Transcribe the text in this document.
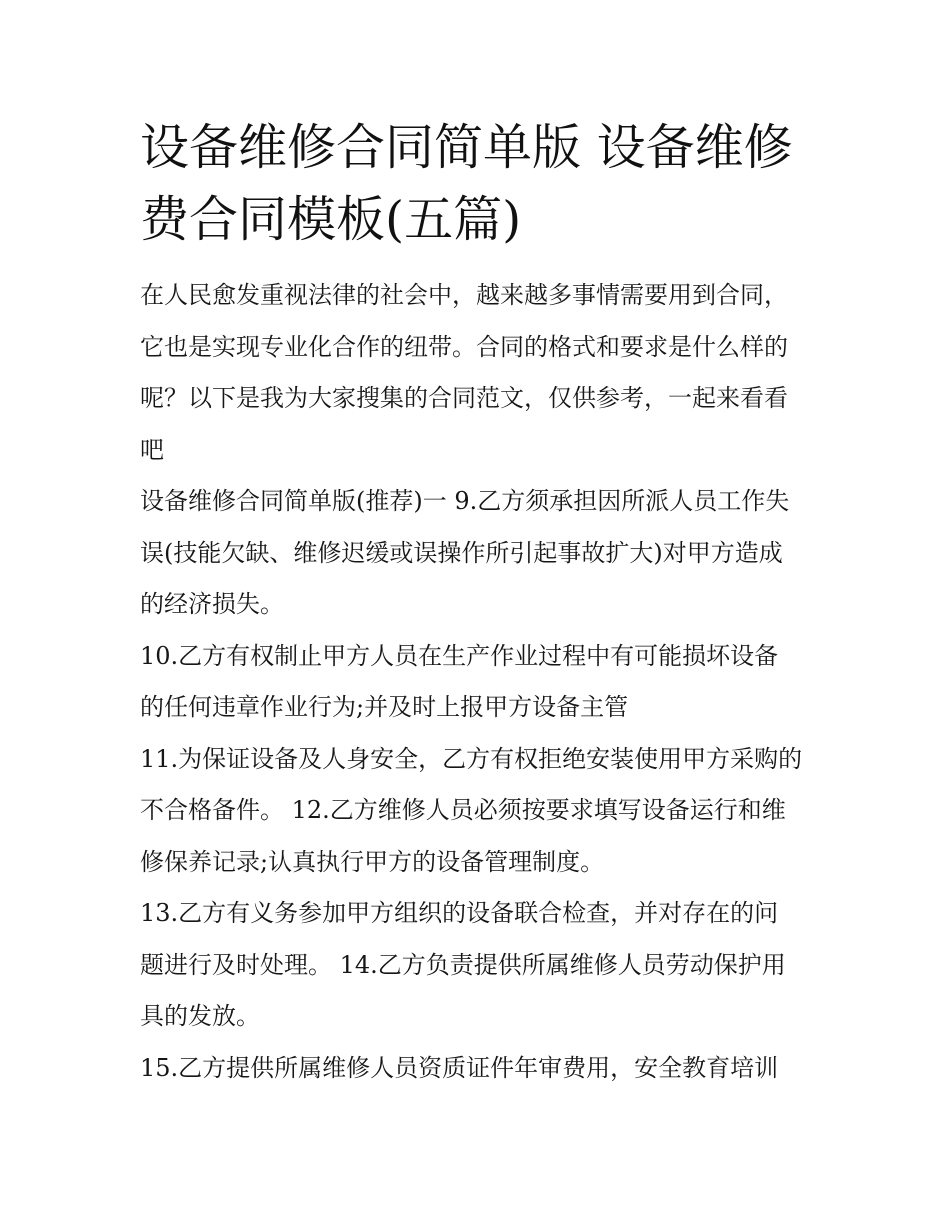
设备维修合同简单版 设备维修
费合同模板(五篇)

在人民愈发重视法律的社会中，越来越多事情需要用到合同，
它也是实现专业化合作的纽带。合同的格式和要求是什么样的
呢？以下是我为大家搜集的合同范文，仅供参考，一起来看看
吧

设备维修合同简单版(推荐)一 9.乙方须承担因所派人员工作失
误(技能欠缺、维修迟缓或误操作所引起事故扩大)对甲方造成
的经济损失。

10.乙方有权制止甲方人员在生产作业过程中有可能损坏设备
的任何违章作业行为;并及时上报甲方设备主管

11.为保证设备及人身安全，乙方有权拒绝安装使用甲方采购的
不合格备件。 12.乙方维修人员必须按要求填写设备运行和维
修保养记录;认真执行甲方的设备管理制度。

13.乙方有义务参加甲方组织的设备联合检查，并对存在的问
题进行及时处理。 14.乙方负责提供所属维修人员劳动保护用
具的发放。

15.乙方提供所属维修人员资质证件年审费用，安全教育培训
